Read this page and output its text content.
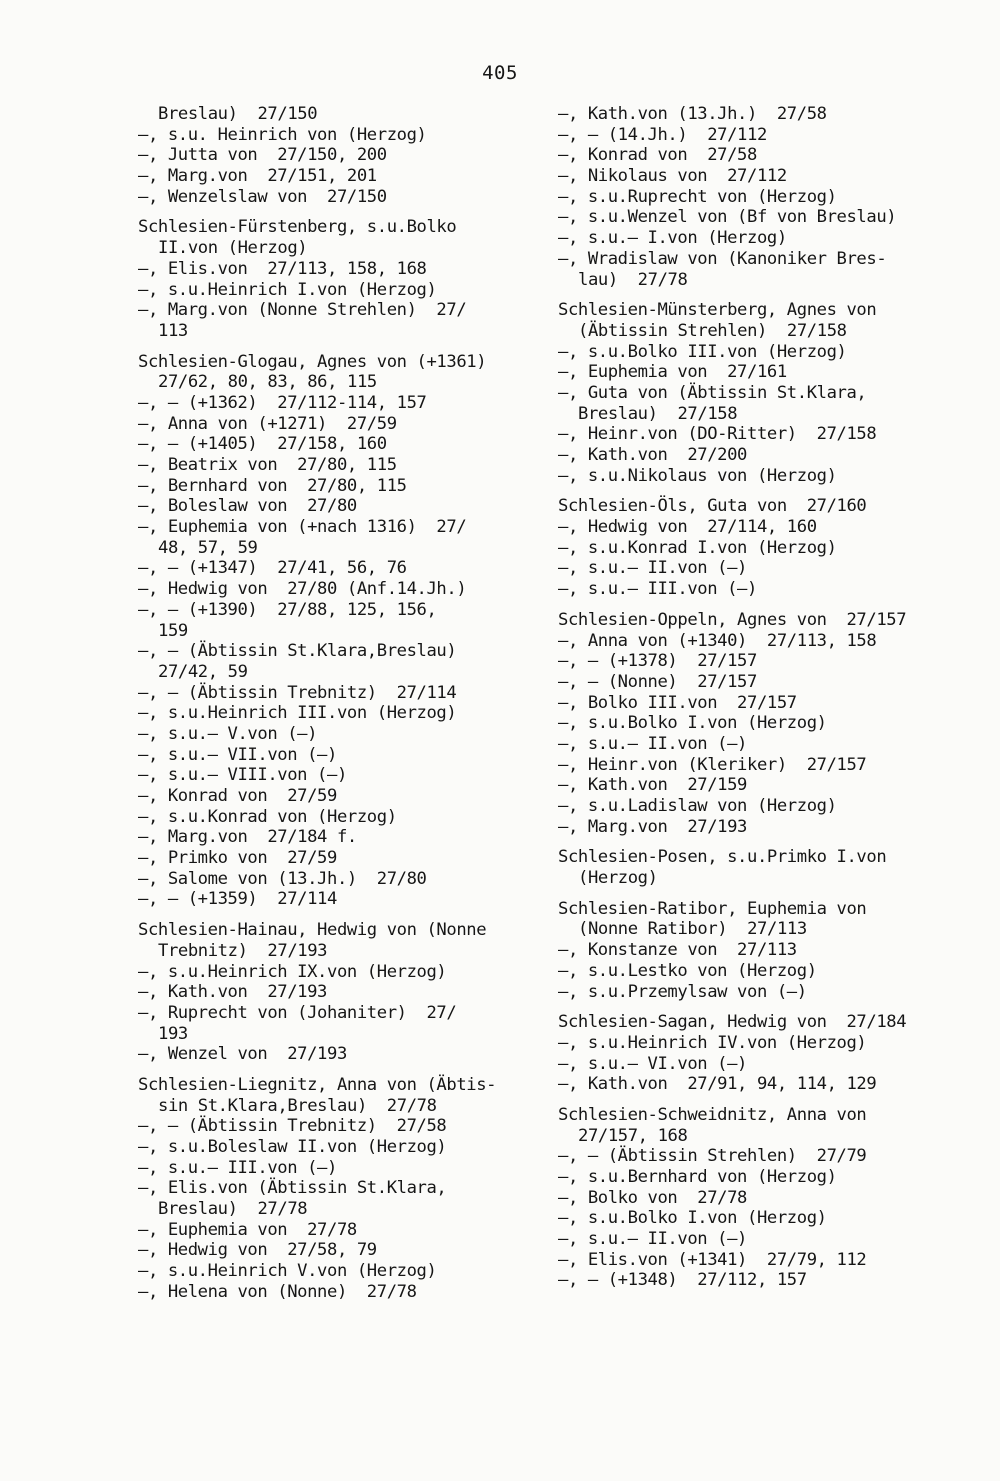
405
Breslau)  27/150
—, s.u. Heinrich von (Herzog)
—, Jutta von  27/150, 200
—, Marg.von  27/151, 201
—, Wenzelslaw von  27/150
Schlesien-Fürstenberg, s.u.Bolko
II.von (Herzog)
—, Elis.von  27/113, 158, 168
—, s.u.Heinrich I.von (Herzog)
—, Marg.von (Nonne Strehlen)  27/
113
Schlesien-Glogau, Agnes von (+1361)
27/62, 80, 83, 86, 115
—, — (+1362)  27/112-114, 157
—, Anna von (+1271)  27/59
—, — (+1405)  27/158, 160
—, Beatrix von  27/80, 115
—, Bernhard von  27/80, 115
—, Boleslaw von  27/80
—, Euphemia von (+nach 1316)  27/
48, 57, 59
—, — (+1347)  27/41, 56, 76
—, Hedwig von  27/80 (Anf.14.Jh.)
—, — (+1390)  27/88, 125, 156,
159
—, — (Äbtissin St.Klara,Breslau)
27/42, 59
—, — (Äbtissin Trebnitz)  27/114
—, s.u.Heinrich III.von (Herzog)
—, s.u.— V.von (—)
—, s.u.— VII.von (—)
—, s.u.— VIII.von (—)
—, Konrad von  27/59
—, s.u.Konrad von (Herzog)
—, Marg.von  27/184 f.
—, Primko von  27/59
—, Salome von (13.Jh.)  27/80
—, — (+1359)  27/114
Schlesien-Hainau, Hedwig von (Nonne
Trebnitz)  27/193
—, s.u.Heinrich IX.von (Herzog)
—, Kath.von  27/193
—, Ruprecht von (Johaniter)  27/
193
—, Wenzel von  27/193
Schlesien-Liegnitz, Anna von (Äbtis-
sin St.Klara,Breslau)  27/78
—, — (Äbtissin Trebnitz)  27/58
—, s.u.Boleslaw II.von (Herzog)
—, s.u.— III.von (—)
—, Elis.von (Äbtissin St.Klara,
Breslau)  27/78
—, Euphemia von  27/78
—, Hedwig von  27/58, 79
—, s.u.Heinrich V.von (Herzog)
—, Helena von (Nonne)  27/78
—, Kath.von (13.Jh.)  27/58
—, — (14.Jh.)  27/112
—, Konrad von  27/58
—, Nikolaus von  27/112
—, s.u.Ruprecht von (Herzog)
—, s.u.Wenzel von (Bf von Breslau)
—, s.u.— I.von (Herzog)
—, Wradislaw von (Kanoniker Bres-
lau)  27/78
Schlesien-Münsterberg, Agnes von
(Äbtissin Strehlen)  27/158
—, s.u.Bolko III.von (Herzog)
—, Euphemia von  27/161
—, Guta von (Äbtissin St.Klara,
Breslau)  27/158
—, Heinr.von (DO-Ritter)  27/158
—, Kath.von  27/200
—, s.u.Nikolaus von (Herzog)
Schlesien-Öls, Guta von  27/160
—, Hedwig von  27/114, 160
—, s.u.Konrad I.von (Herzog)
—, s.u.— II.von (—)
—, s.u.— III.von (—)
Schlesien-Oppeln, Agnes von  27/157
—, Anna von (+1340)  27/113, 158
—, — (+1378)  27/157
—, — (Nonne)  27/157
—, Bolko III.von  27/157
—, s.u.Bolko I.von (Herzog)
—, s.u.— II.von (—)
—, Heinr.von (Kleriker)  27/157
—, Kath.von  27/159
—, s.u.Ladislaw von (Herzog)
—, Marg.von  27/193
Schlesien-Posen, s.u.Primko I.von
(Herzog)
Schlesien-Ratibor, Euphemia von
(Nonne Ratibor)  27/113
—, Konstanze von  27/113
—, s.u.Lestko von (Herzog)
—, s.u.Przemylsaw von (—)
Schlesien-Sagan, Hedwig von  27/184
—, s.u.Heinrich IV.von (Herzog)
—, s.u.— VI.von (—)
—, Kath.von  27/91, 94, 114, 129
Schlesien-Schweidnitz, Anna von
27/157, 168
—, — (Äbtissin Strehlen)  27/79
—, s.u.Bernhard von (Herzog)
—, Bolko von  27/78
—, s.u.Bolko I.von (Herzog)
—, s.u.— II.von (—)
—, Elis.von (+1341)  27/79, 112
—, — (+1348)  27/112, 157
